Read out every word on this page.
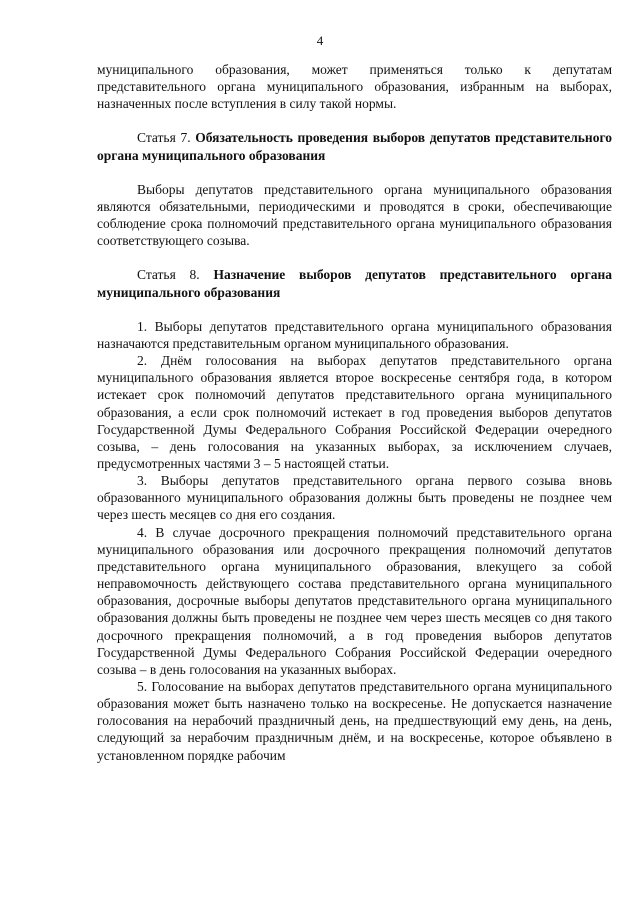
4

муниципального образования, может применяться только к депутатам представительного органа муниципального образования, избранным на выборах, назначенных после вступления в силу такой нормы.

Статья 7. Обязательность проведения выборов депутатов представительного органа муниципального образования

Выборы депутатов представительного органа муниципального образования являются обязательными, периодическими и проводятся в сроки, обеспечивающие соблюдение срока полномочий представительного органа муниципального образования соответствующего созыва.

Статья 8. Назначение выборов депутатов представительного органа муниципального образования

1. Выборы депутатов представительного органа муниципального образования назначаются представительным органом муниципального образования.

2. Днём голосования на выборах депутатов представительного органа муниципального образования является второе воскресенье сентября года, в котором истекает срок полномочий депутатов представительного органа муниципального образования, а если срок полномочий истекает в год проведения выборов депутатов Государственной Думы Федерального Собрания Российской Федерации очередного созыва, – день голосования на указанных выборах, за исключением случаев, предусмотренных частями 3 – 5 настоящей статьи.

3. Выборы депутатов представительного органа первого созыва вновь образованного муниципального образования должны быть проведены не позднее чем через шесть месяцев со дня его создания.

4. В случае досрочного прекращения полномочий представительного органа муниципального образования или досрочного прекращения полномочий депутатов представительного органа муниципального образования, влекущего за собой неправомочность действующего состава представительного органа муниципального образования, досрочные выборы депутатов представительного органа муниципального образования должны быть проведены не позднее чем через шесть месяцев со дня такого досрочного прекращения полномочий, а в год проведения выборов депутатов Государственной Думы Федерального Собрания Российской Федерации очередного созыва – в день голосования на указанных выборах.

5. Голосование на выборах депутатов представительного органа муниципального образования может быть назначено только на воскресенье. Не допускается назначение голосования на нерабочий праздничный день, на предшествующий ему день, на день, следующий за нерабочим праздничным днём, и на воскресенье, которое объявлено в установленном порядке рабочим
